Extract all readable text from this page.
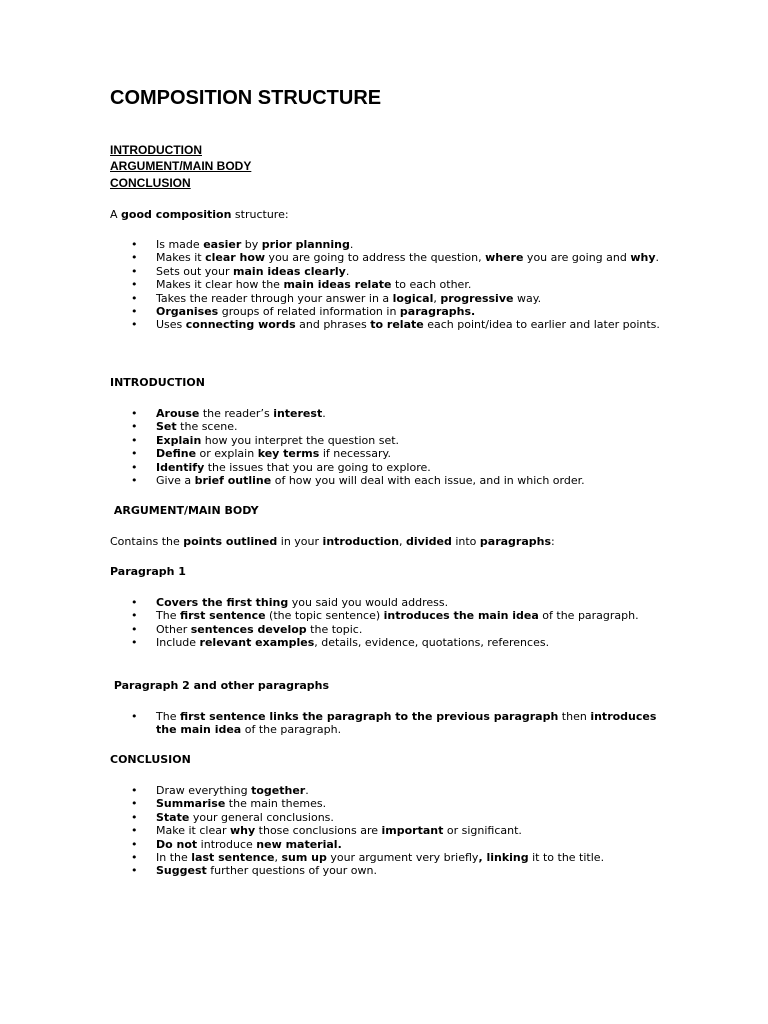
COMPOSITION STRUCTURE

INTRODUCTION

ARGUMENT/MAIN BODY

CONCLUSION

A good composition structure:

• Is made easier by prior planning.
• Makes it clear how you are going to address the question, where you are going and why.
• Sets out your main ideas clearly.
• Makes it clear how the main ideas relate to each other.
• Takes the reader through your answer in a logical, progressive way.
• Organises groups of related information in paragraphs.
• Uses connecting words and phrases to relate each point/idea to earlier and later points.

INTRODUCTION

• Arouse the reader’s interest.
• Set the scene.
• Explain how you interpret the question set.
• Define or explain key terms if necessary.
• Identify the issues that you are going to explore.
• Give a brief outline of how you will deal with each issue, and in which order.

ARGUMENT/MAIN BODY

Contains the points outlined in your introduction, divided into paragraphs:

Paragraph 1

• Covers the first thing you said you would address.
• The first sentence (the topic sentence) introduces the main idea of the paragraph.
• Other sentences develop the topic.
• Include relevant examples, details, evidence, quotations, references.

Paragraph 2 and other paragraphs

• The first sentence links the paragraph to the previous paragraph then introduces the main idea of the paragraph.

CONCLUSION

• Draw everything together.
• Summarise the main themes.
• State your general conclusions.
• Make it clear why those conclusions are important or significant.
• Do not introduce new material.
• In the last sentence, sum up your argument very briefly, linking it to the title.
• Suggest further questions of your own.
